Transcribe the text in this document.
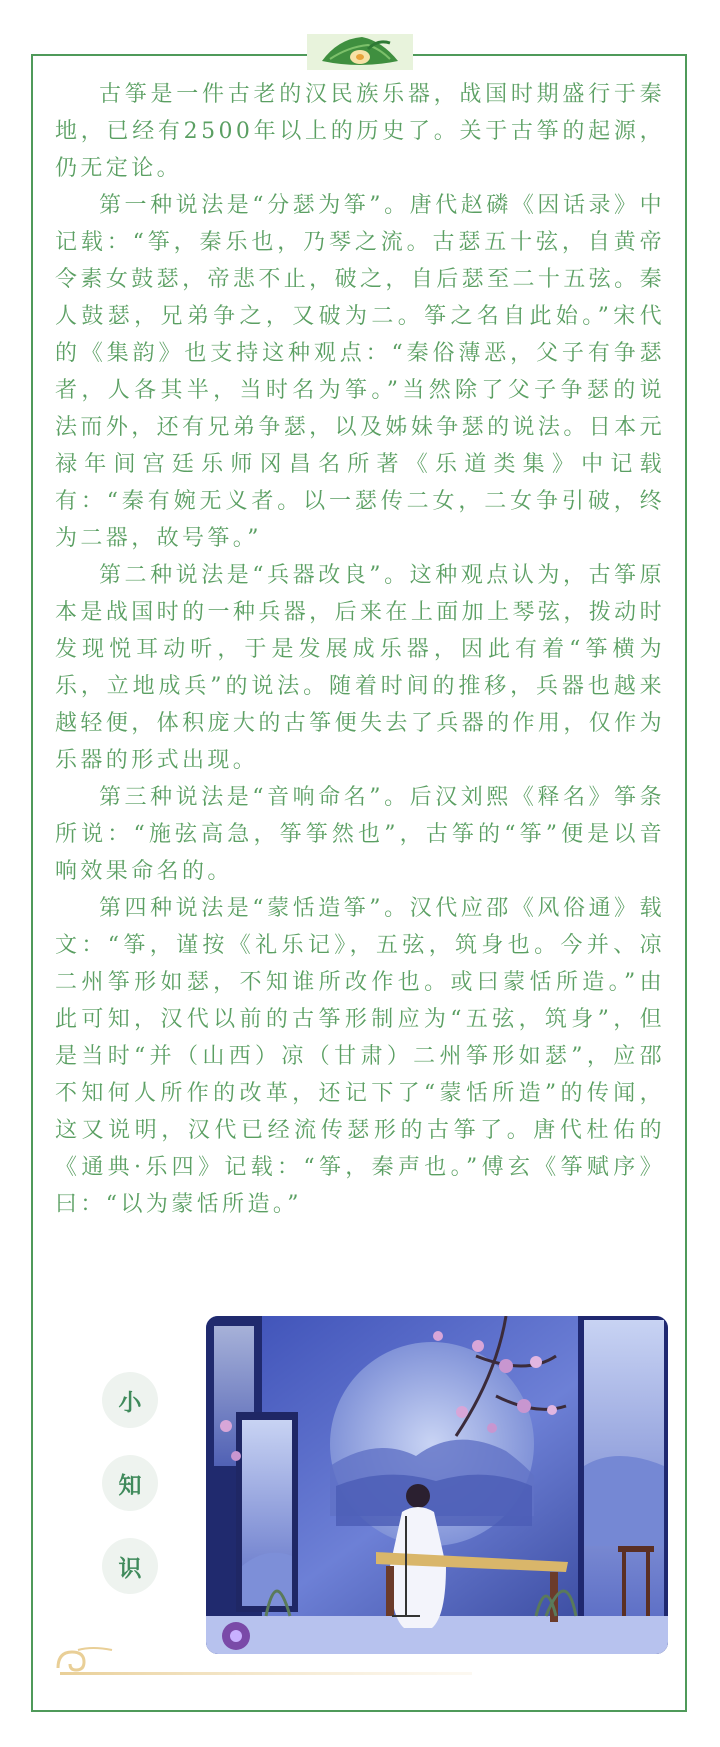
古筝是一件古老的汉民族乐器，战国时期盛行于秦地，已经有2500年以上的历史了。关于古筝的起源，仍无定论。

第一种说法是“分瑟为筝”。唐代赵磷《因话录》中记载：“筝，秦乐也，乃琴之流。古瑟五十弦，自黄帝令素女鼓瑟，帝悲不止，破之，自后瑟至二十五弦。秦人鼓瑟，兄弟争之，又破为二。筝之名自此始。”宋代的《集韵》也支持这种观点：“秦俗薄恶，父子有争瑟者，人各其半，当时名为筝。”当然除了父子争瑟的说法而外，还有兄弟争瑟，以及姊妹争瑟的说法。日本元禄年间宫廷乐师冈昌名所著《乐道类集》中记载有：“秦有婉无义者。以一瑟传二女，二女争引破，终为二器，故号筝。”

第二种说法是“兵器改良”。这种观点认为，古筝原本是战国时的一种兵器，后来在上面加上琴弦，拨动时发现悦耳动听，于是发展成乐器，因此有着“筝横为乐，立地成兵”的说法。随着时间的推移，兵器也越来越轻便，体积庞大的古筝便失去了兵器的作用，仅作为乐器的形式出现。

第三种说法是“音响命名”。后汉刘熙《释名》筝条所说：“施弦高急，筝筝然也”，古筝的“筝”便是以音响效果命名的。

第四种说法是“蒙恬造筝”。汉代应邵《风俗通》载文：“筝，谨按《礼乐记》，五弦，筑身也。今并、凉二州筝形如瑟，不知谁所改作也。或曰蒙恬所造。”由此可知，汉代以前的古筝形制应为“五弦，筑身”，但是当时“并（山西）凉（甘肃）二州筝形如瑟”，应邵不知何人所作的改革，还记下了“蒙恬所造”的传闻，这又说明，汉代已经流传瑟形的古筝了。唐代杜佑的《通典·乐四》记载：“筝，秦声也。”傅玄《筝赋序》曰：“以为蒙恬所造。”

小
知
识
